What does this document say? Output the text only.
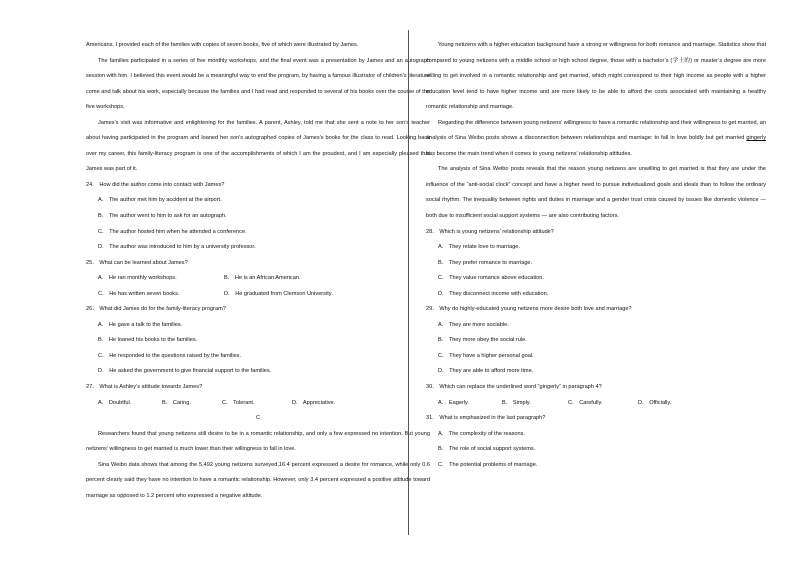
Americans. I provided each of the families with copies of seven books, five of which were illustrated by James.

The families participated in a series of five monthly workshops, and the final event was a presentation by James and an autograph session with him. I believed this event would be a meaningful way to end the program, by having a famous illustrator of children’s literature come and talk about his work, especially because the families and I had read and responded to several of his books over the course of the five workshops.

James’s visit was informative and enlightening for the families. A parent, Ashley, told me that she sent a note to her son’s teacher about having participated in the program and loaned her son’s autographed copies of James’s books for the class to read. Looking back over my career, this family-literacy program is one of the accomplishments of which I am the proudest, and I am especially pleased that James was part of it.

24． How did the author come into contact with James?

A． The author met him by accident at the airport.

B． The author went to him to ask for an autograph.

C． The author hosted him when he attended a conference.

D． The author was introduced to him by a university professor.

25． What can be learned about James?

A． He ran monthly workshops.	B． He is an African American.
C． He has written seven books.	D． He graduated from Clemson University.

26． What did James do for the family-literacy program?

A． He gave a talk to the families.

B． He loaned his books to the families.

C． He responded to the questions raised by the families.

D． He asked the government to give financial support to the families.

27． What is Ashley’s attitude towards James?

A． Doubtful.	B． Caring.	C． Tolerant.	D． Appreciative.

C

Researchers found that young netizens still desire to be in a romantic relationship, and only a few expressed no intention. But young netizens’ willingness to get married is much lower than their willingness to fall in love.

Sina Weibo data shows that among the 5,492 young netizens surveyed,16.4 percent expressed a desire for romance, while only 0.6 percent clearly said they have no intention to have a romantic relationship. However, only 3.4 percent expressed a positive attitude toward marriage as opposed to 1.2 percent who expressed a negative attitude.

Young netizens with a higher education background have a strong er willingness for both romance and marriage. Statistics show that compared to young netizens with a middle school or high school degree, those with a bachelor’s (学士的) or master’s degree are more willing to get involved in a romantic relationship and get married, which might correspond to their high income as people with a higher education level tend to have higher income and are more likely to be able to afford the costs associated with maintaining a healthy romantic relationship and marriage.

Regarding the difference between young netizens’ willingness to have a romantic relationship and their willingness to get married, an analysis of Sina Weibo posts shows a disconnection between relationships and marriage: to fall in love boldly but get married gingerly has become the main trend when it comes to young netizens’ relationship attitudes.

The analysis of Sina Weibo posts reveals that the reason young netizens are unwilling to get married is that they are under the influence of the “anti-social clock” concept and have a higher need to pursue individualized goals and ideals than to follow the ordinary social rhythm. The inequality between rights and duties in marriage and a gender trust crisis caused by issues like domestic violence — both due to insufficient social support systems — are also contributing factors.

28． Which is young netizens’ relationship attitude?

A． They relate love to marriage.

B． They prefer romance to marriage.

C． They value romance above education.

D． They disconnect income with education.

29． Why do highly-educated young netizens more desire both love and marriage?

A． They are more sociable.

B． They more obey the social rule.

C． They have a higher personal goal.

D． They are able to afford more time.

30． Which can replace the underlined word “gingerly” in paragraph 4?

A． Eagerly.	B． Simply.	C． Carefully.	D． Officially.

31． What is emphasized in the last paragraph?

A． The complexity of the reasons.

B． The role of social support systems.

C． The potential problems of marriage.
